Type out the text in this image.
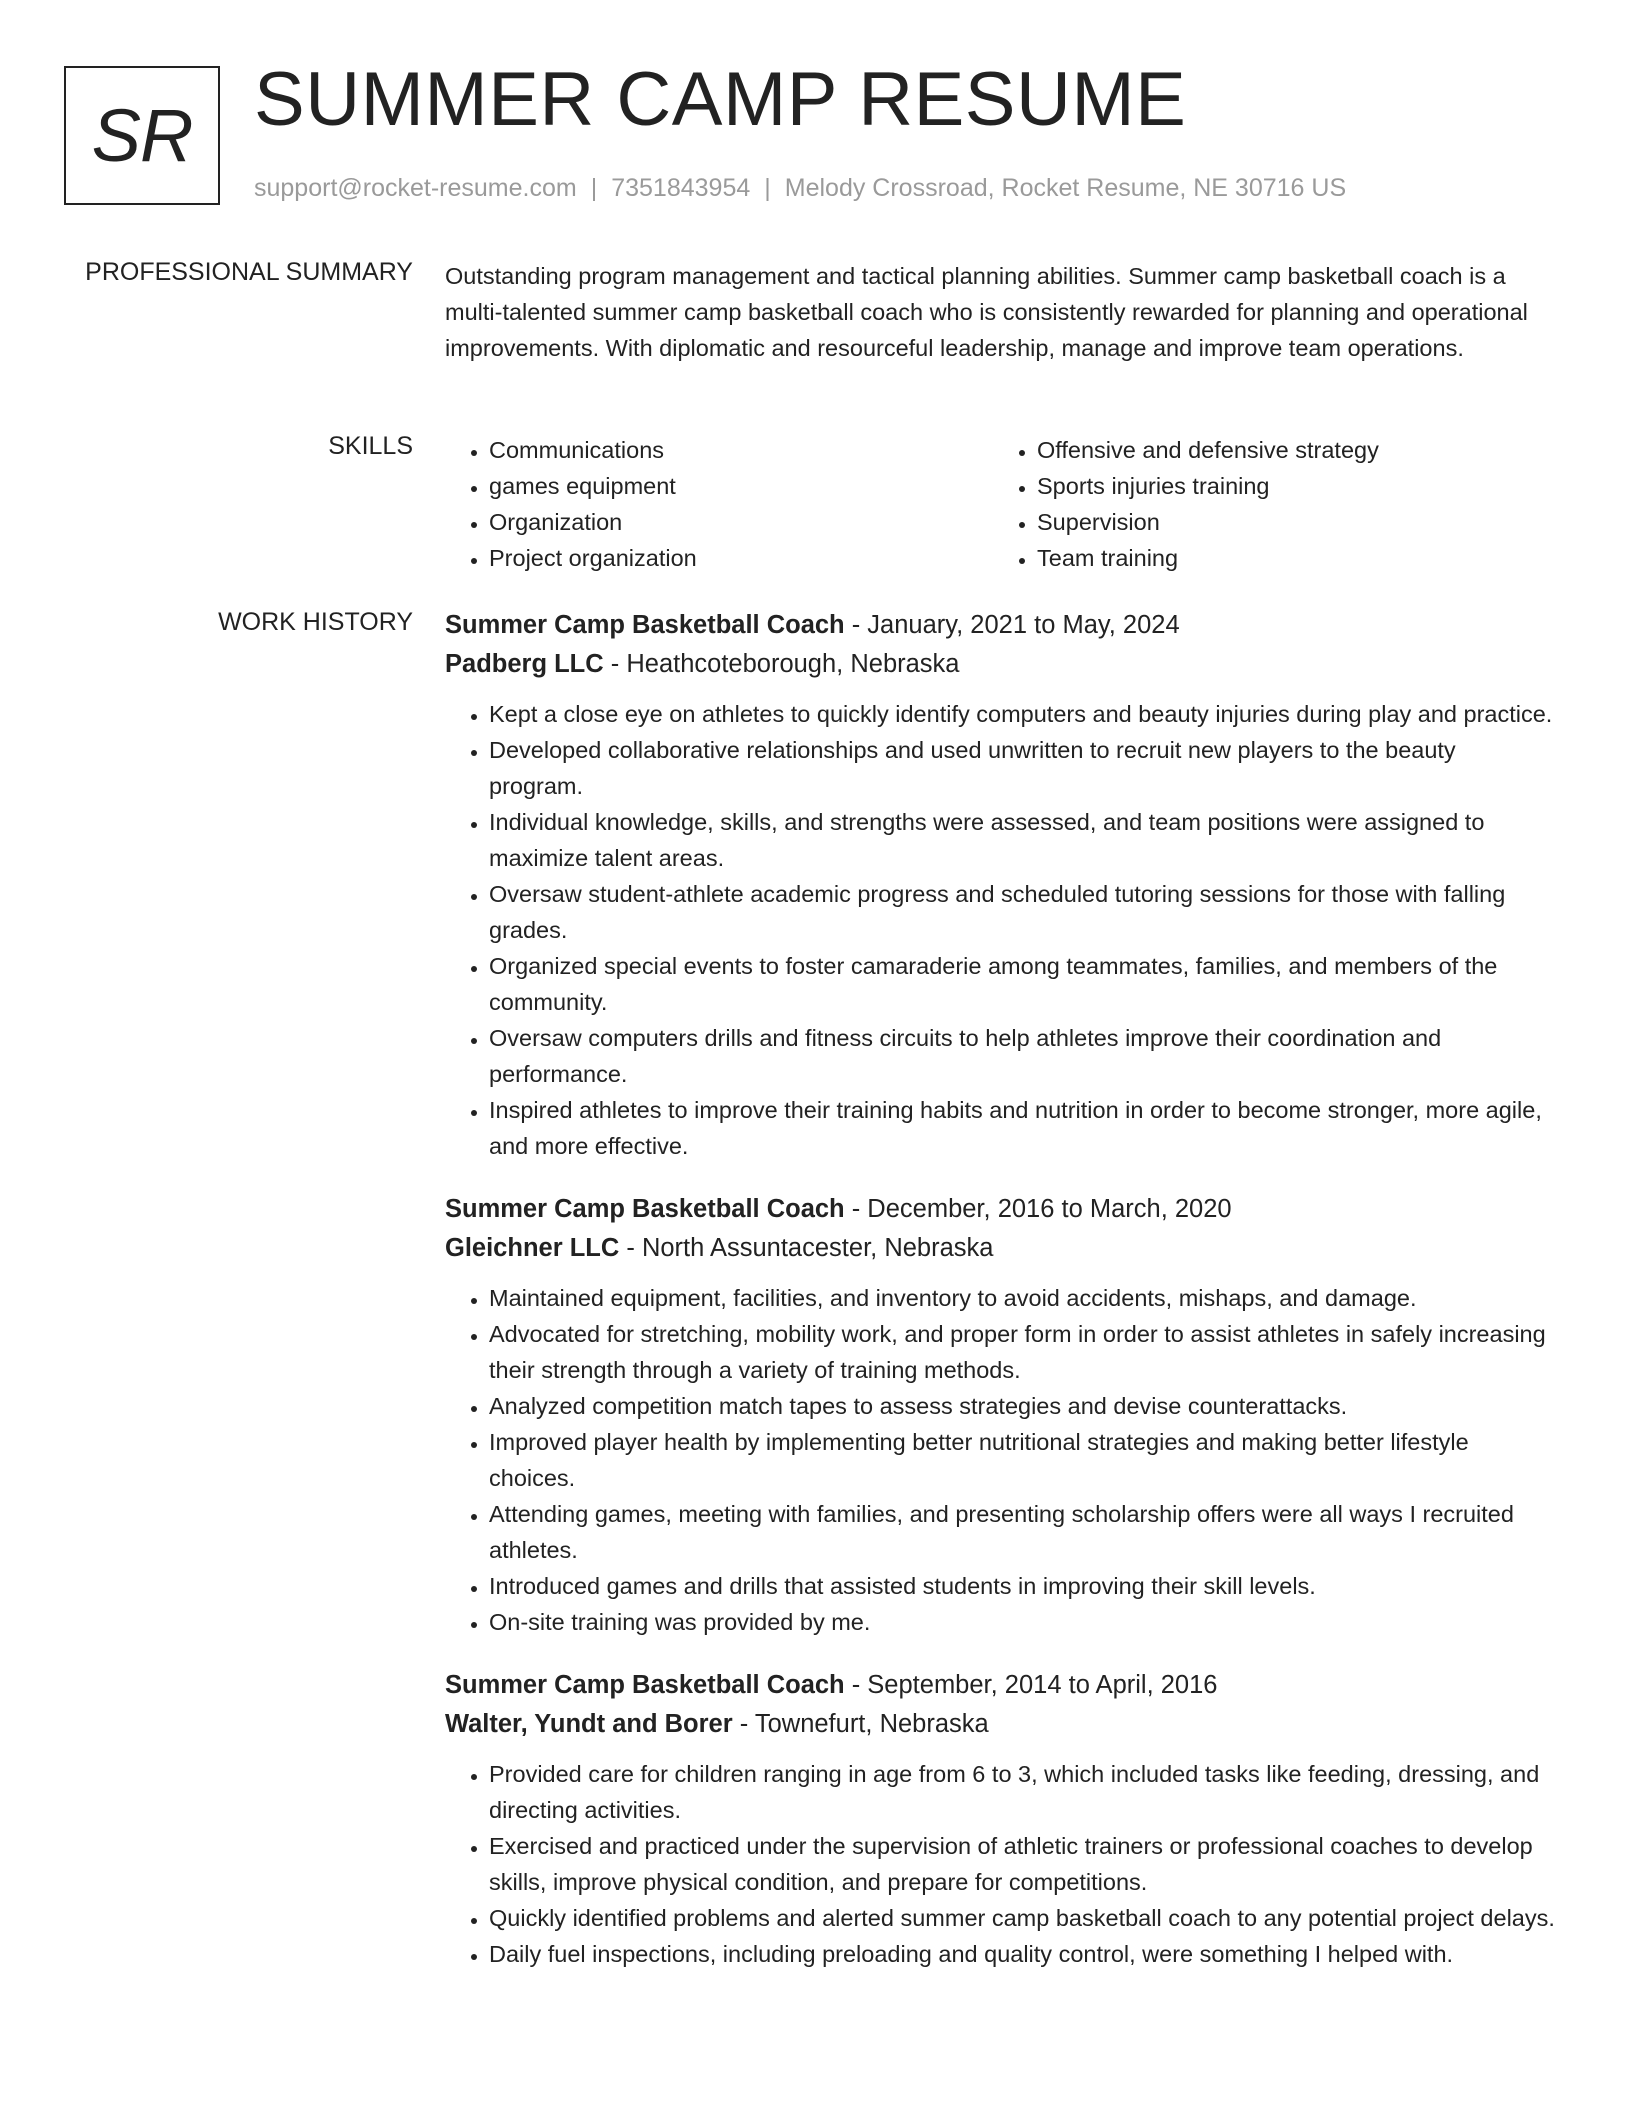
SR SUMMER CAMP RESUME
support@rocket-resume.com | 7351843954 | Melody Crossroad, Rocket Resume, NE 30716 US
PROFESSIONAL SUMMARY Outstanding program management and tactical planning abilities. Summer camp basketball coach is a multi-talented summer camp basketball coach who is consistently rewarded for planning and operational improvements. With diplomatic and resourceful leadership, manage and improve team operations.

SKILLS
•	Communications
• games equipment
• Organization
• Project organization
• Offensive and defensive strategy
• Sports injuries training
• Supervision
• Team training
WORK HISTORY Summer Camp Basketball Coach - January, 2021 to May, 2024
Padberg LLC - Heathcoteborough, Nebraska
• Kept a close eye on athletes to quickly identify computers and beauty injuries during play and practice.
• Developed collaborative relationships and used unwritten to recruit new players to the beauty program.
• Individual knowledge, skills, and strengths were assessed, and team positions were assigned to maximize talent areas.
• Oversaw student-athlete academic progress and scheduled tutoring sessions for those with falling grades.
• Organized special events to foster camaraderie among teammates, families, and members of the community.
• Oversaw computers drills and fitness circuits to help athletes improve their coordination and performance.
• Inspired athletes to improve their training habits and nutrition in order to become stronger, more agile, and more effective.
Summer Camp Basketball Coach - December, 2016 to March, 2020
Gleichner LLC - North Assuntacester, Nebraska
• Maintained equipment, facilities, and inventory to avoid accidents, mishaps, and damage.
• Advocated for stretching, mobility work, and proper form in order to assist athletes in safely increasing their strength through a variety of training methods.
• Analyzed competition match tapes to assess strategies and devise counterattacks.
• Improved player health by implementing better nutritional strategies and making better lifestyle choices.
• Attending games, meeting with families, and presenting scholarship offers were all ways I recruited athletes.
• Introduced games and drills that assisted students in improving their skill levels.
• On-site training was provided by me.
Summer Camp Basketball Coach - September, 2014 to April, 2016
Walter, Yundt and Borer - Townefurt, Nebraska
• Provided care for children ranging in age from 6 to 3, which included tasks like feeding, dressing, and directing activities.
• Exercised and practiced under the supervision of athletic trainers or professional coaches to develop skills, improve physical condition, and prepare for competitions.
• Quickly identified problems and alerted summer camp basketball coach to any potential project delays.
• Daily fuel inspections, including preloading and quality control, were something I helped with.
